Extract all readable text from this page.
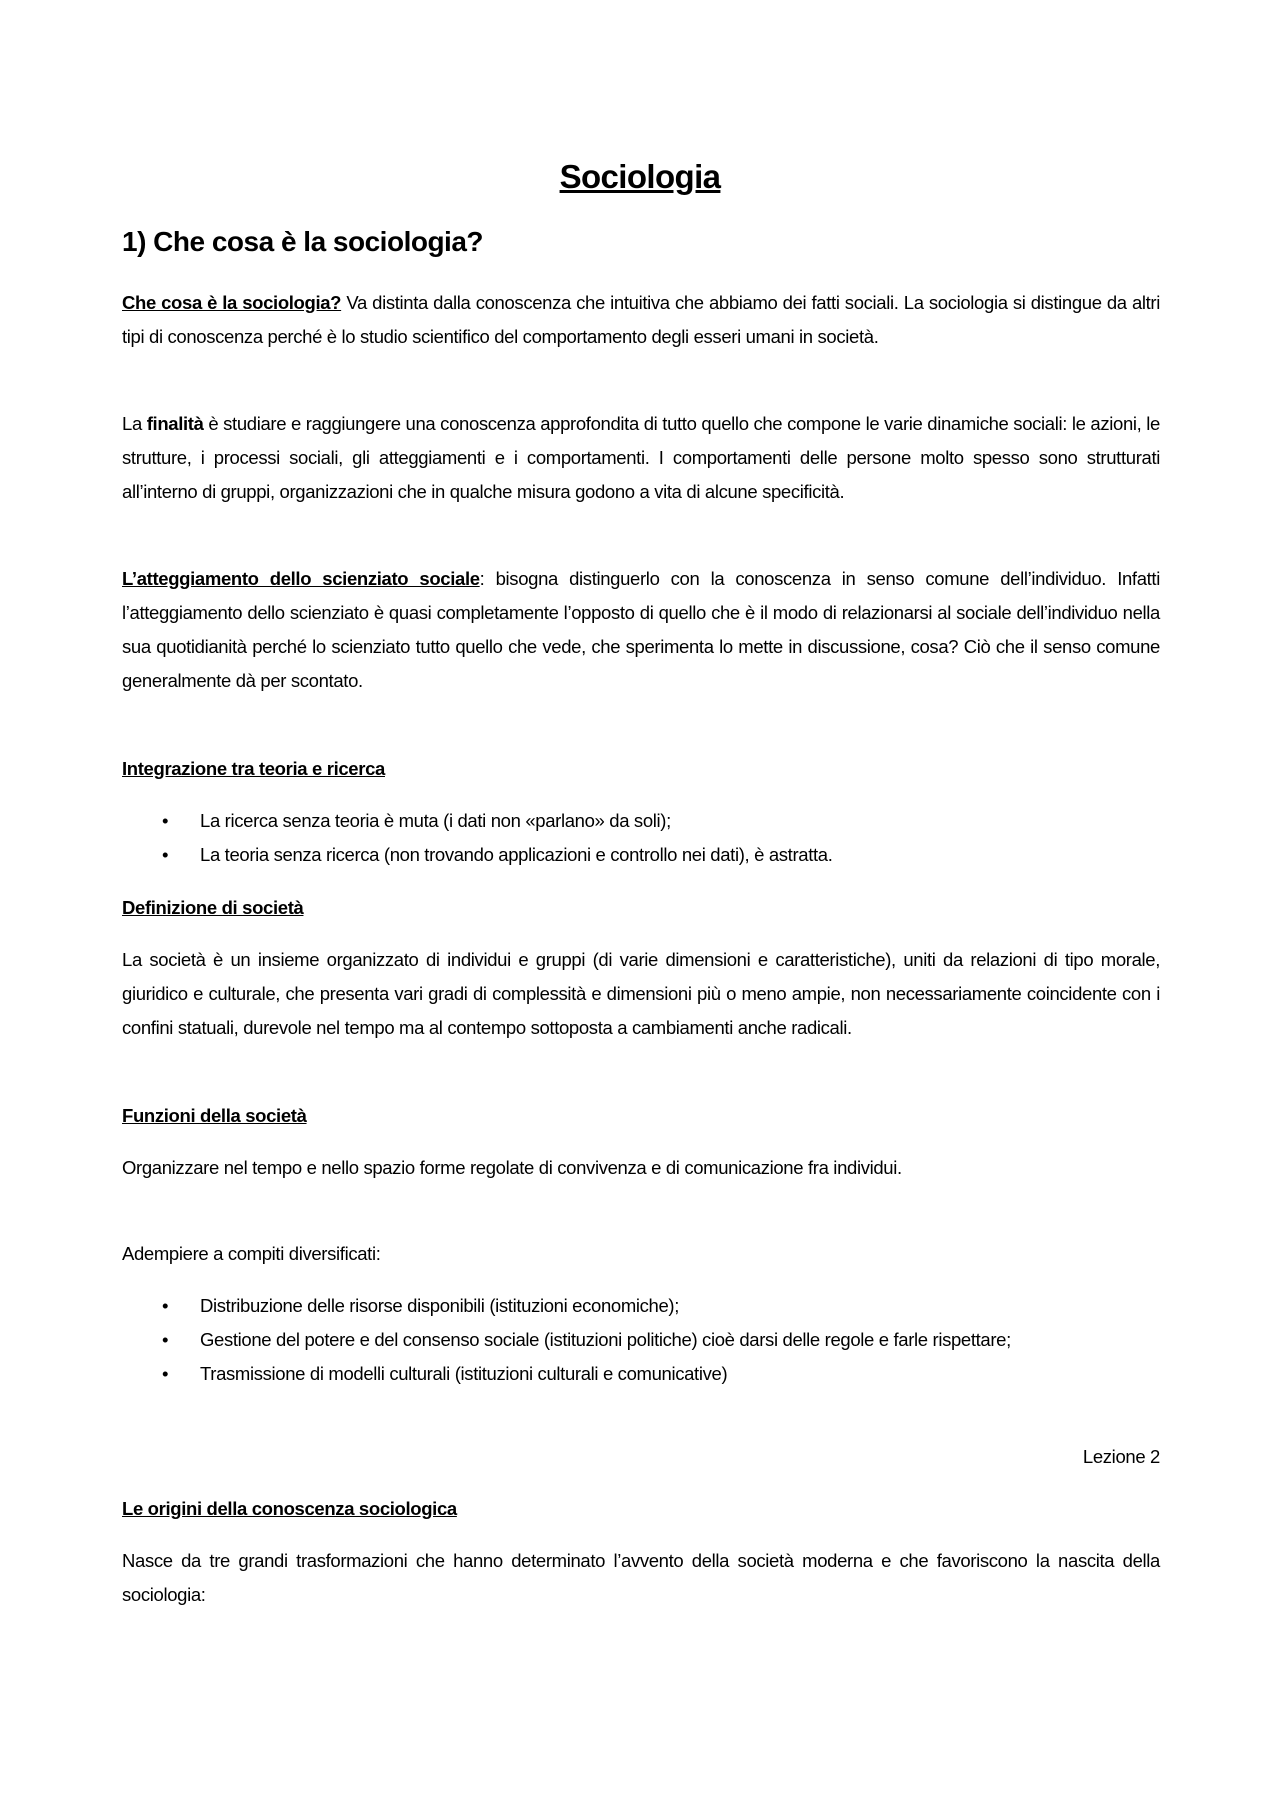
Sociologia
1) Che cosa è la sociologia?

Che cosa è la sociologia? Va distinta dalla conoscenza che intuitiva che abbiamo dei fatti sociali. La sociologia si distingue da altri tipi di conoscenza perché è lo studio scientifico del comportamento degli esseri umani in società.

La finalità è studiare e raggiungere una conoscenza approfondita di tutto quello che compone le varie dinamiche sociali: le azioni, le strutture, i processi sociali, gli atteggiamenti e i comportamenti. I comportamenti delle persone molto spesso sono strutturati all’interno di gruppi, organizzazioni che in qualche misura godono a vita di alcune specificità.

L’atteggiamento dello scienziato sociale: bisogna distinguerlo con la conoscenza in senso comune dell’individuo. Infatti l’atteggiamento dello scienziato è quasi completamente l’opposto di quello che è il modo di relazionarsi al sociale dell’individuo nella sua quotidianità perché lo scienziato tutto quello che vede, che sperimenta lo mette in discussione, cosa? Ciò che il senso comune generalmente dà per scontato.

Integrazione tra teoria e ricerca
• La ricerca senza teoria è muta (i dati non «parlano» da soli);
• La teoria senza ricerca (non trovando applicazioni e controllo nei dati), è astratta.
Definizione di società

La società è un insieme organizzato di individui e gruppi (di varie dimensioni e caratteristiche), uniti da relazioni di tipo morale, giuridico e culturale, che presenta vari gradi di complessità e dimensioni più o meno ampie, non necessariamente coincidente con i confini statuali, durevole nel tempo ma al contempo sottoposta a cambiamenti anche radicali.

Funzioni della società

Organizzare nel tempo e nello spazio forme regolate di convivenza e di comunicazione fra individui.

Adempiere a compiti diversificati:

• Distribuzione delle risorse disponibili (istituzioni economiche);
• Gestione del potere e del consenso sociale (istituzioni politiche) cioè darsi delle regole e farle rispettare;
• Trasmissione di modelli culturali (istituzioni culturali e comunicative)
Lezione 2
Le origini della conoscenza sociologica

Nasce da tre grandi trasformazioni che hanno determinato l’avvento della società moderna e che favoriscono la nascita della sociologia:
